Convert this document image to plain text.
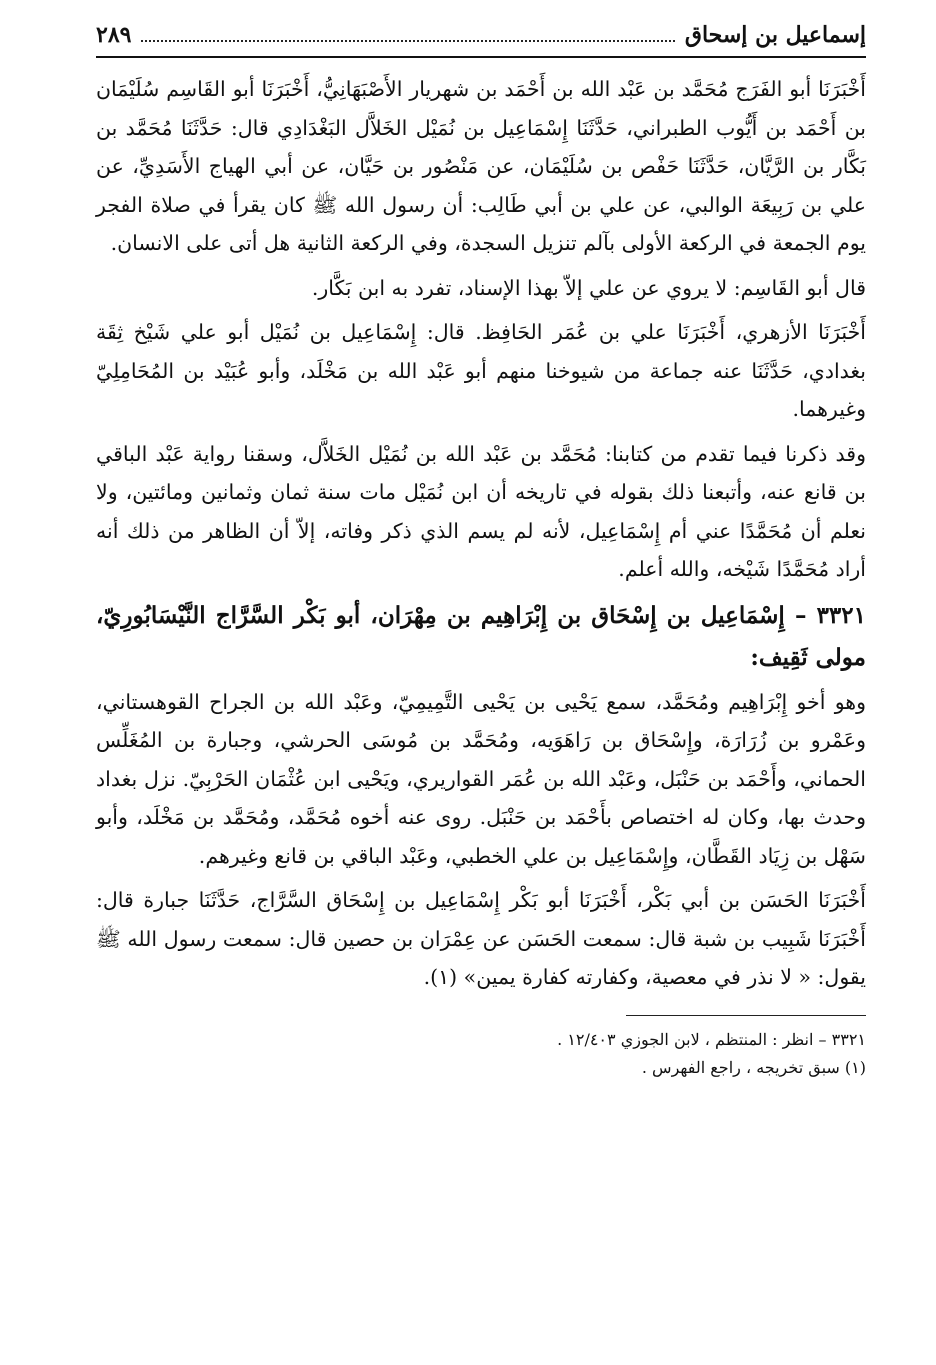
إسماعيل بن إسحاق
٢٨٩

أَخْبَرَنَا أبو الفَرَج مُحَمَّد بن عَبْد الله بن أَحْمَد بن شهريار الأَصْبَهَانِيُّ، أَخْبَرَنَا أبو القَاسِم سُلَيْمَان بن أَحْمَد بن أَيُّوب الطبراني، حَدَّثَنَا إِسْمَاعِيل بن نُمَيْل الخَلاَّل البَغْدَادِي قال: حَدَّثَنَا مُحَمَّد بن بَكَّار بن الرَّيَّان، حَدَّثَنَا حَفْص بن سُلَيْمَان، عن مَنْصُور بن حَيَّان، عن أبي الهياج الأَسَدِيِّ، عن علي بن رَبِيعَة الوالبي، عن علي بن أبي طَالِب: أن رسول الله ﷺ كان يقرأ في صلاة الفجر يوم الجمعة في الركعة الأولى بآلم تنزيل السجدة، وفي الركعة الثانية هل أتى على الانسان.

قال أبو القَاسِم: لا يروي عن علي إلاّ بهذا الإسناد، تفرد به ابن بَكَّار.

أَخْبَرَنَا الأزهري، أَخْبَرَنَا علي بن عُمَر الحَافِظ. قال: إِسْمَاعِيل بن نُمَيْل أبو علي شَيْخ ثِقَة بغدادي، حَدَّثَنَا عنه جماعة من شيوخنا منهم أبو عَبْد الله بن مَخْلَد، وأبو عُبَيْد بن المُحَامِلِيّ وغيرهما.

وقد ذكرنا فيما تقدم من كتابنا: مُحَمَّد بن عَبْد الله بن نُمَيْل الخَلاَّل، وسقنا رواية عَبْد الباقي بن قانع عنه، وأتبعنا ذلك بقوله في تاريخه أن ابن نُمَيْل مات سنة ثمان وثمانين ومائتين، ولا نعلم أن مُحَمَّدًا عني أم إِسْمَاعِيل، لأنه لم يسم الذي ذكر وفاته، إلاّ أن الظاهر من ذلك أنه أراد مُحَمَّدًا شَيْخه، والله أعلم.

٣٣٢١ – إِسْمَاعِيل بن إِسْحَاق بن إِبْرَاهِيم بن مِهْرَان، أبو بَكْر السَّرَّاج النَّيْسَابُورِيّ، مولى ثَقِيف:

وهو أخو إِبْرَاهِيم ومُحَمَّد، سمع يَحْيى بن يَحْيى التَّمِيمِيّ، وعَبْد الله بن الجراح القوهستاني، وعَمْرو بن زُرَارَة، وإِسْحَاق بن رَاهَوَيه، ومُحَمَّد بن مُوسَى الحرشي، وجبارة بن المُغَلِّس الحماني، وأَحْمَد بن حَنْبَل، وعَبْد الله بن عُمَر القواريري، ويَحْيى ابن عُثْمَان الحَرْبِيّ. نزل بغداد وحدث بها، وكان له اختصاص بأَحْمَد بن حَنْبَل. روى عنه أخوه مُحَمَّد، ومُحَمَّد بن مَخْلَد، وأبو سَهْل بن زِيَاد القَطَّان، وإِسْمَاعِيل بن علي الخطبي، وعَبْد الباقي بن قانع وغيرهم.

أَخْبَرَنَا الحَسَن بن أبي بَكْر، أَخْبَرَنَا أبو بَكْر إِسْمَاعِيل بن إِسْحَاق السَّرَّاج، حَدَّثَنَا جبارة قال: أَخْبَرَنَا شَبِيب بن شبة قال: سمعت الحَسَن عن عِمْرَان بن حصين قال: سمعت رسول الله ﷺ يقول: « لا نذر في معصية، وكفارته كفارة يمين» (١).

٣٣٢١ – انظر : المنتظم ، لابن الجوزي ١٢/٤٠٣ .

(١) سبق تخريجه ، راجع الفهرس .
